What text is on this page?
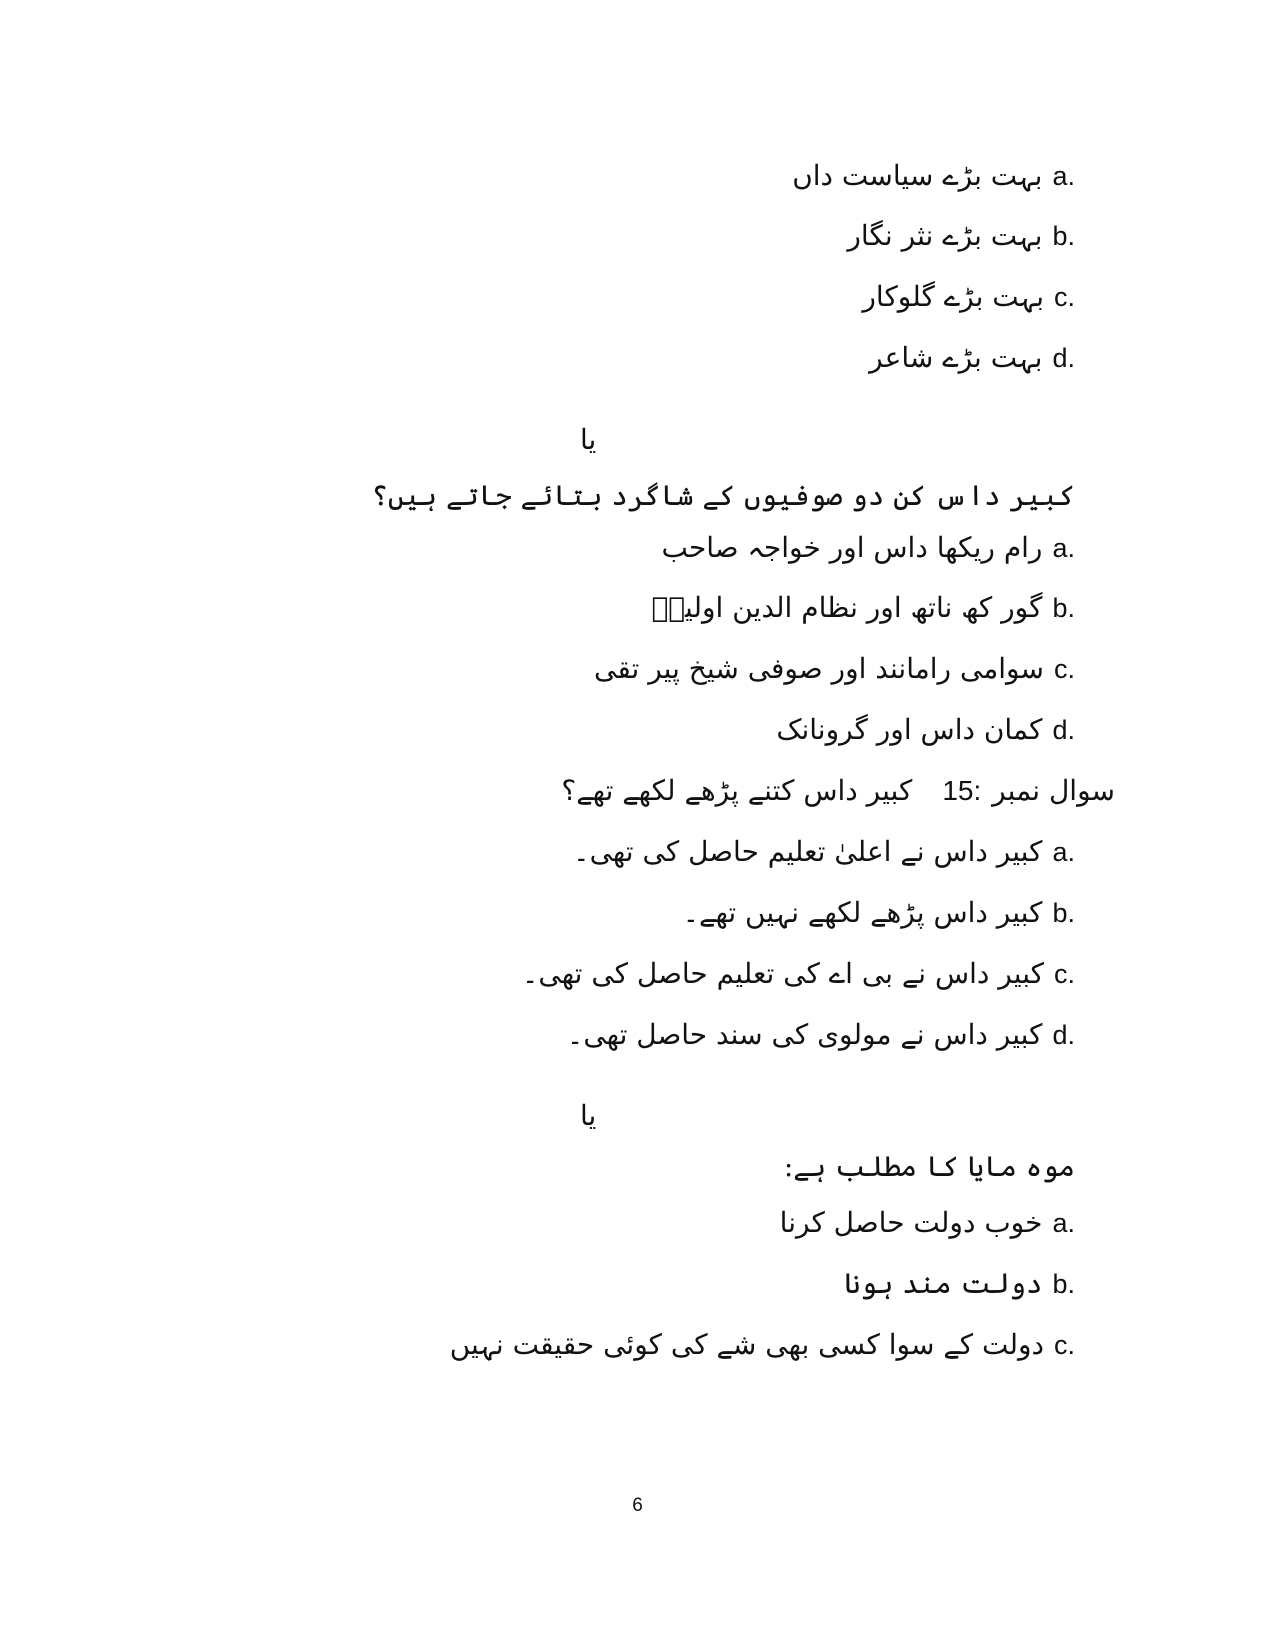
a .بہت بڑے سیاست داں
b .بہت بڑے نثر نگار
c .بہت بڑے گلوکار
d .بہت بڑے شاعر
یا
کبیر داس کن دو صوفیوں کے شاگرد بتائے جاتے ہیں؟
a .رام ریکھا داس اور خواجہ صاحب
b .گور کھ ناتھ اور نظام الدین اولیاؒ
c .سوامی رامانند اور صوفی شیخ پیر تقی
d .کمان داس اور گرونانک
سوال نمبر 15:کبیر داس کتنے پڑھے لکھے تھے؟
a .کبیر داس نے اعلیٰ تعلیم حاصل کی تھی۔
b .کبیر داس پڑھے لکھے نہیں تھے۔
c .کبیر داس نے بی اے کی تعلیم حاصل کی تھی۔
d .کبیر داس نے مولوی کی سند حاصل تھی۔
یا
موہ مایا کا مطلب ہے:
a .خوب دولت حاصل کرنا
b .دولت مند ہونا
c .دولت کے سوا کسی بھی شے کی کوئی حقیقت نہیں
6
